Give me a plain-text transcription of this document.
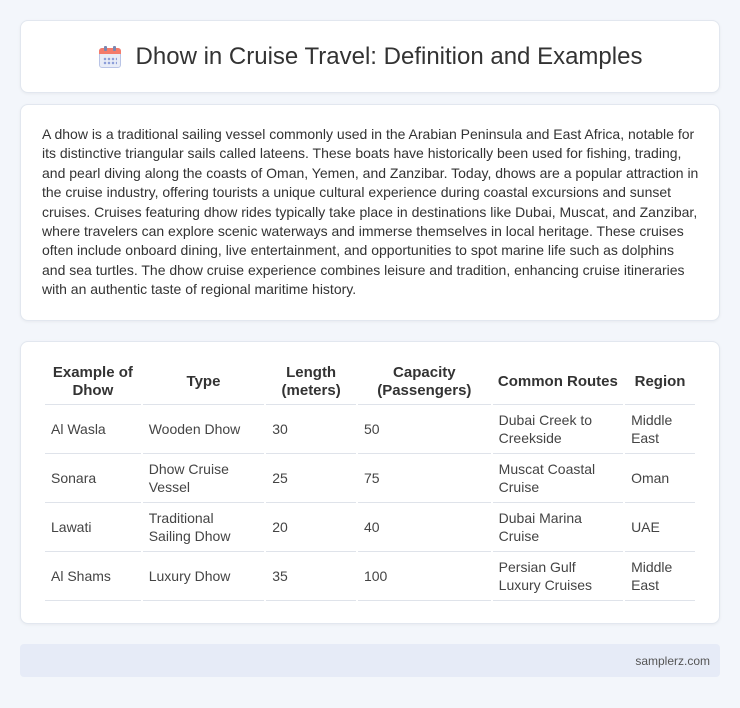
Dhow in Cruise Travel: Definition and Examples

A dhow is a traditional sailing vessel commonly used in the Arabian Peninsula and East Africa, notable for its distinctive triangular sails called lateens. These boats have historically been used for fishing, trading, and pearl diving along the coasts of Oman, Yemen, and Zanzibar. Today, dhows are a popular attraction in the cruise industry, offering tourists a unique cultural experience during coastal excursions and sunset cruises. Cruises featuring dhow rides typically take place in destinations like Dubai, Muscat, and Zanzibar, where travelers can explore scenic waterways and immerse themselves in local heritage. These cruises often include onboard dining, live entertainment, and opportunities to spot marine life such as dolphins and sea turtles. The dhow cruise experience combines leisure and tradition, enhancing cruise itineraries with an authentic taste of regional maritime history.

Example of Dhow	Type	Length (meters)	Capacity (Passengers)	Common Routes	Region
Al Wasla	Wooden Dhow	30	50	Dubai Creek to Creekside	Middle East
Sonara	Dhow Cruise Vessel	25	75	Muscat Coastal Cruise	Oman
Lawati	Traditional Sailing Dhow	20	40	Dubai Marina Cruise	UAE
Al Shams	Luxury Dhow	35	100	Persian Gulf Luxury Cruises	Middle East
samplerz.com
